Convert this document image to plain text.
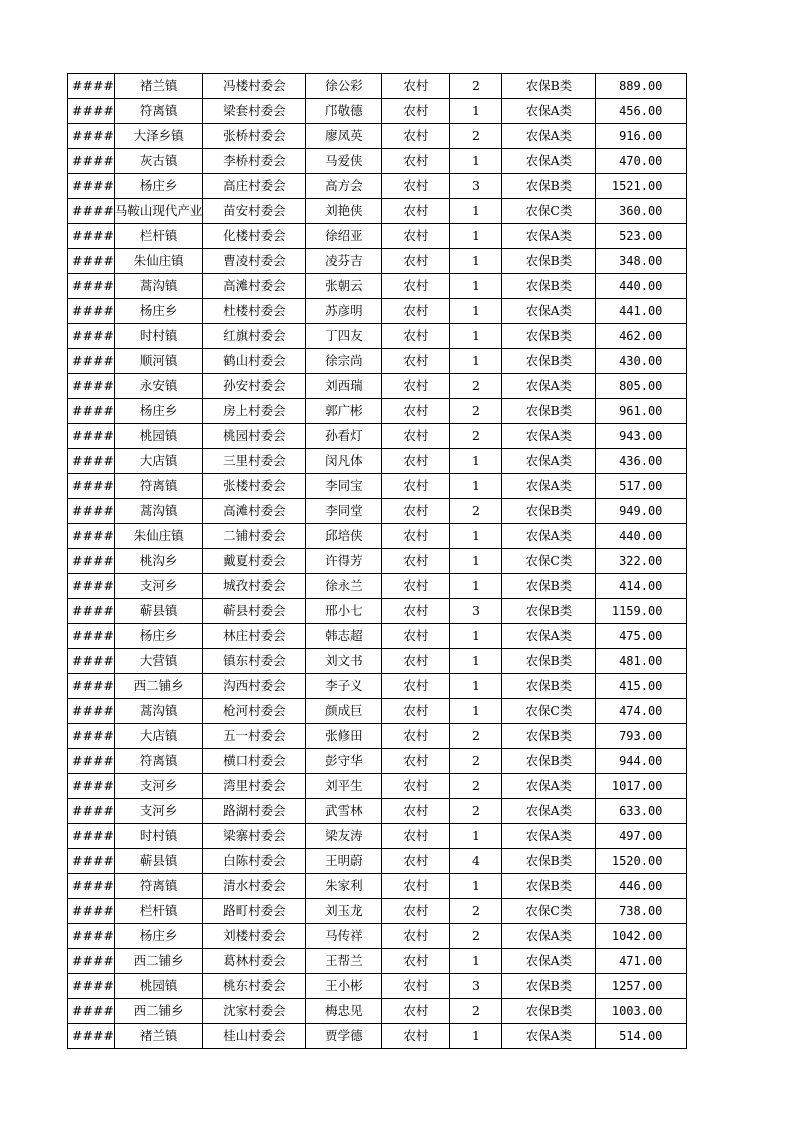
####	褚兰镇	冯楼村委会	徐公彩	农村	2	农保B类	889.00
####	符离镇	梁套村委会	邝敬德	农村	1	农保A类	456.00
####	大泽乡镇	张桥村委会	廖凤英	农村	2	农保A类	916.00
####	灰古镇	李桥村委会	马爱侠	农村	1	农保A类	470.00
####	杨庄乡	高庄村委会	高方会	农村	3	农保B类	1521.00
####	马鞍山现代产业	苗安村委会	刘艳侠	农村	1	农保C类	360.00
####	栏杆镇	化楼村委会	徐绍亚	农村	1	农保A类	523.00
####	朱仙庄镇	曹凌村委会	凌芬吉	农村	1	农保B类	348.00
####	蒿沟镇	高滩村委会	张朝云	农村	1	农保B类	440.00
####	杨庄乡	杜楼村委会	苏彦明	农村	1	农保A类	441.00
####	时村镇	红旗村委会	丁四友	农村	1	农保B类	462.00
####	顺河镇	鹤山村委会	徐宗尚	农村	1	农保B类	430.00
####	永安镇	孙安村委会	刘西瑞	农村	2	农保A类	805.00
####	杨庄乡	房上村委会	郭广彬	农村	2	农保B类	961.00
####	桃园镇	桃园村委会	孙看灯	农村	2	农保A类	943.00
####	大店镇	三里村委会	闵凡体	农村	1	农保A类	436.00
####	符离镇	张楼村委会	李同宝	农村	1	农保A类	517.00
####	蒿沟镇	高滩村委会	李同堂	农村	2	农保B类	949.00
####	朱仙庄镇	二铺村委会	邱培侠	农村	1	农保A类	440.00
####	桃沟乡	戴夏村委会	许得芳	农村	1	农保C类	322.00
####	支河乡	城孜村委会	徐永兰	农村	1	农保B类	414.00
####	蕲县镇	蕲县村委会	邢小七	农村	3	农保B类	1159.00
####	杨庄乡	林庄村委会	韩志超	农村	1	农保A类	475.00
####	大营镇	镇东村委会	刘文书	农村	1	农保B类	481.00
####	西二铺乡	沟西村委会	李子义	农村	1	农保B类	415.00
####	蒿沟镇	枪河村委会	颜成巨	农村	1	农保C类	474.00
####	大店镇	五一村委会	张修田	农村	2	农保B类	793.00
####	符离镇	横口村委会	彭守华	农村	2	农保B类	944.00
####	支河乡	湾里村委会	刘平生	农村	2	农保A类	1017.00
####	支河乡	路湖村委会	武雪林	农村	2	农保A类	633.00
####	时村镇	梁寨村委会	梁友涛	农村	1	农保A类	497.00
####	蕲县镇	白陈村委会	王明蔚	农村	4	农保B类	1520.00
####	符离镇	清水村委会	朱家利	农村	1	农保B类	446.00
####	栏杆镇	路町村委会	刘玉龙	农村	2	农保C类	738.00
####	杨庄乡	刘楼村委会	马传祥	农村	2	农保A类	1042.00
####	西二铺乡	葛林村委会	王帮兰	农村	1	农保A类	471.00
####	桃园镇	桃东村委会	王小彬	农村	3	农保B类	1257.00
####	西二铺乡	沈家村委会	梅忠见	农村	2	农保B类	1003.00
####	褚兰镇	桂山村委会	贾学德	农村	1	农保A类	514.00
